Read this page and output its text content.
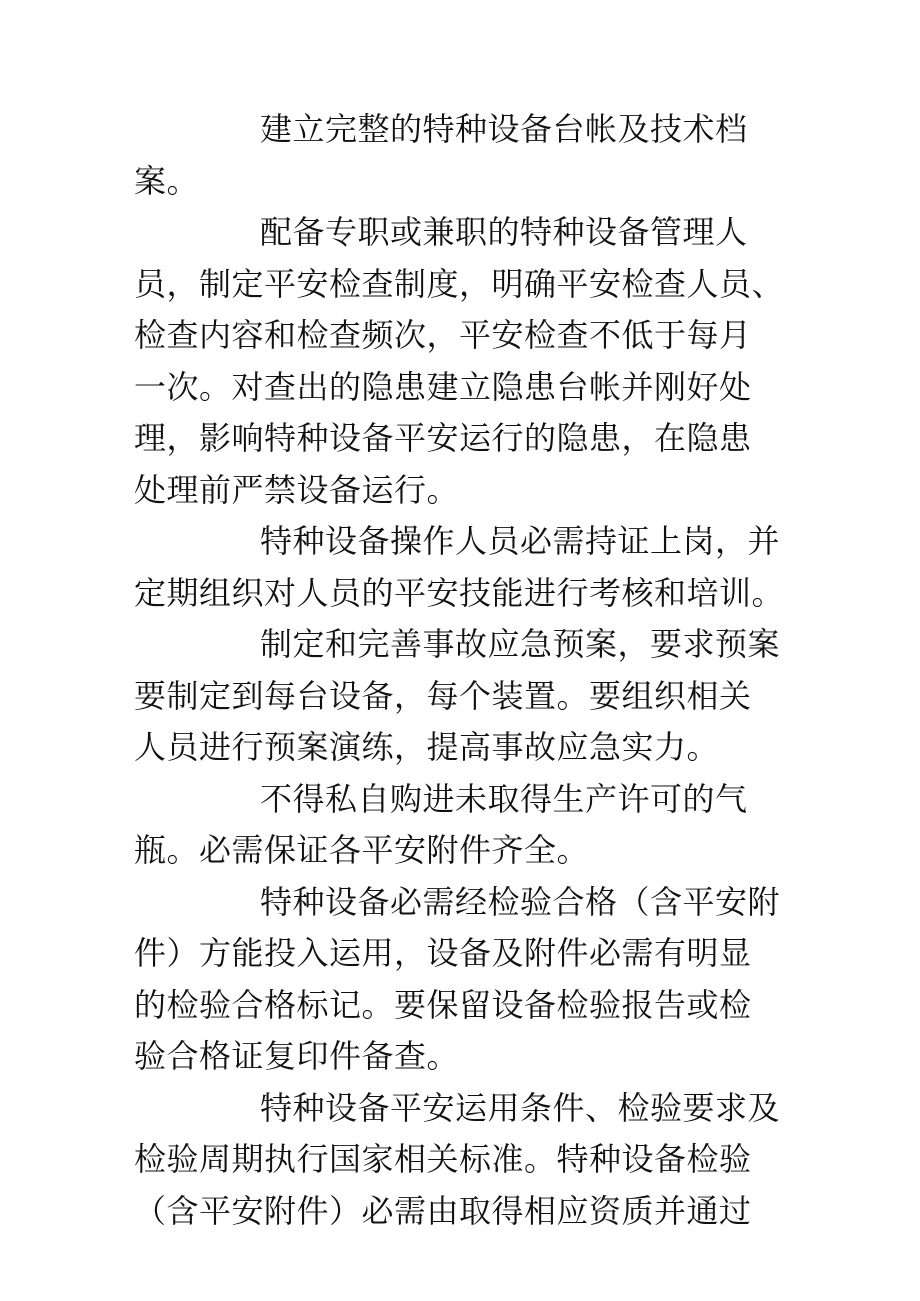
建立完整的特种设备台帐及技术档
案。

配备专职或兼职的特种设备管理人
员，制定平安检查制度，明确平安检查人员、
检查内容和检查频次，平安检查不低于每月
一次。对查出的隐患建立隐患台帐并刚好处
理，影响特种设备平安运行的隐患，在隐患
处理前严禁设备运行。

特种设备操作人员必需持证上岗，并
定期组织对人员的平安技能进行考核和培训。

制定和完善事故应急预案，要求预案
要制定到每台设备，每个装置。要组织相关
人员进行预案演练，提高事故应急实力。

不得私自购进未取得生产许可的气
瓶。必需保证各平安附件齐全。

特种设备必需经检验合格（含平安附
件）方能投入运用，设备及附件必需有明显
的检验合格标记。要保留设备检验报告或检
验合格证复印件备查。

特种设备平安运用条件、检验要求及
检验周期执行国家相关标准。特种设备检验
（含平安附件）必需由取得相应资质并通过
